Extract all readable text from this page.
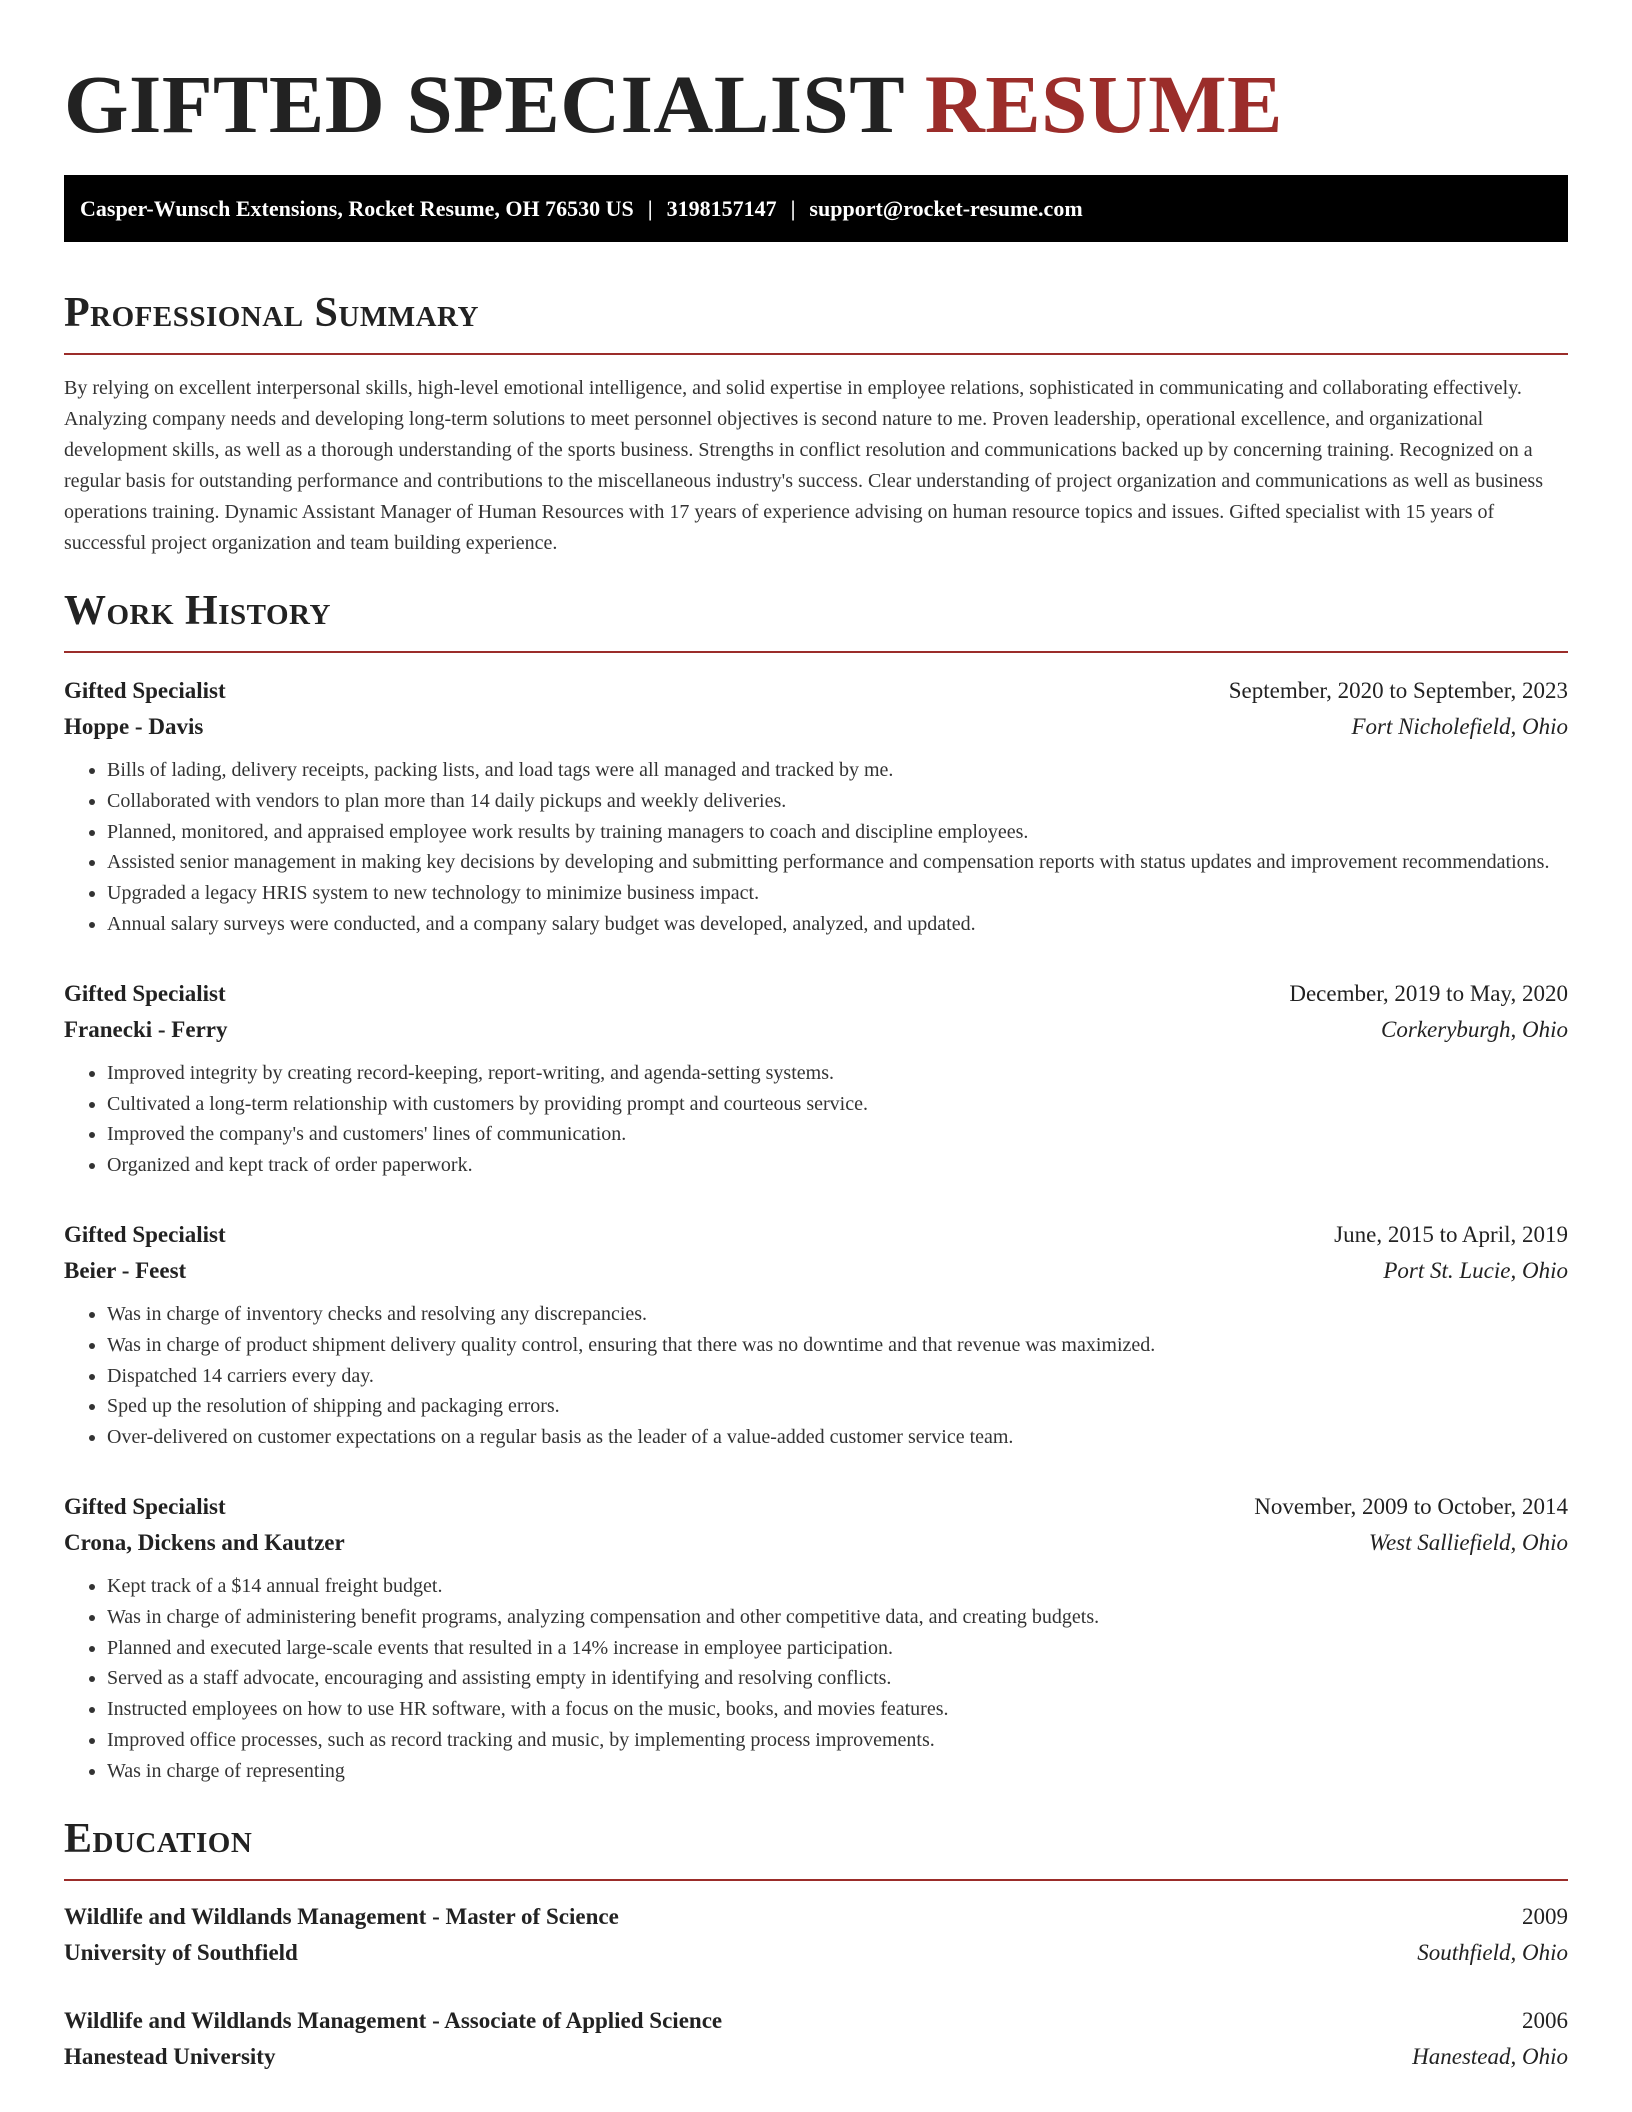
GIFTED SPECIALIST RESUME
Casper-Wunsch Extensions, Rocket Resume, OH 76530 US | 3198157147 | support@rocket-resume.com
Professional Summary

By relying on excellent interpersonal skills, high-level emotional intelligence, and solid expertise in employee relations, sophisticated in communicating and collaborating effectively. Analyzing company needs and developing long-term solutions to meet personnel objectives is second nature to me. Proven leadership, operational excellence, and organizational development skills, as well as a thorough understanding of the sports business. Strengths in conflict resolution and communications backed up by concerning training. Recognized on a regular basis for outstanding performance and contributions to the miscellaneous industry's success. Clear understanding of project organization and communications as well as business operations training. Dynamic Assistant Manager of Human Resources with 17 years of experience advising on human resource topics and issues. Gifted specialist with 15 years of successful project organization and team building experience.

Work History
Gifted Specialist	September, 2020 to September, 2023
Hoppe - Davis	Fort Nicholefield, Ohio
• Bills of lading, delivery receipts, packing lists, and load tags were all managed and tracked by me.
• Collaborated with vendors to plan more than 14 daily pickups and weekly deliveries.
• Planned, monitored, and appraised employee work results by training managers to coach and discipline employees.
• Assisted senior management in making key decisions by developing and submitting performance and compensation reports with status updates and improvement recommendations.
• Upgraded a legacy HRIS system to new technology to minimize business impact.
• Annual salary surveys were conducted, and a company salary budget was developed, analyzed, and updated.
Gifted Specialist	December, 2019 to May, 2020
Franecki - Ferry	Corkeryburgh, Ohio
• Improved integrity by creating record-keeping, report-writing, and agenda-setting systems.
• Cultivated a long-term relationship with customers by providing prompt and courteous service.
• Improved the company's and customers' lines of communication.
• Organized and kept track of order paperwork.
Gifted Specialist	June, 2015 to April, 2019
Beier - Feest	Port St. Lucie, Ohio
• Was in charge of inventory checks and resolving any discrepancies.
• Was in charge of product shipment delivery quality control, ensuring that there was no downtime and that revenue was maximized.
• Dispatched 14 carriers every day.
• Sped up the resolution of shipping and packaging errors.
• Over-delivered on customer expectations on a regular basis as the leader of a value-added customer service team.
Gifted Specialist	November, 2009 to October, 2014
Crona, Dickens and Kautzer	West Salliefield, Ohio
• Kept track of a $14 annual freight budget.
• Was in charge of administering benefit programs, analyzing compensation and other competitive data, and creating budgets.
• Planned and executed large-scale events that resulted in a 14% increase in employee participation.
• Served as a staff advocate, encouraging and assisting empty in identifying and resolving conflicts.
• Instructed employees on how to use HR software, with a focus on the music, books, and movies features.
• Improved office processes, such as record tracking and music, by implementing process improvements.
• Was in charge of representing
Education
Wildlife and Wildlands Management - Master of Science	2009
University of Southfield	Southfield, Ohio
Wildlife and Wildlands Management - Associate of Applied Science	2006
Hanestead University	Hanestead, Ohio
